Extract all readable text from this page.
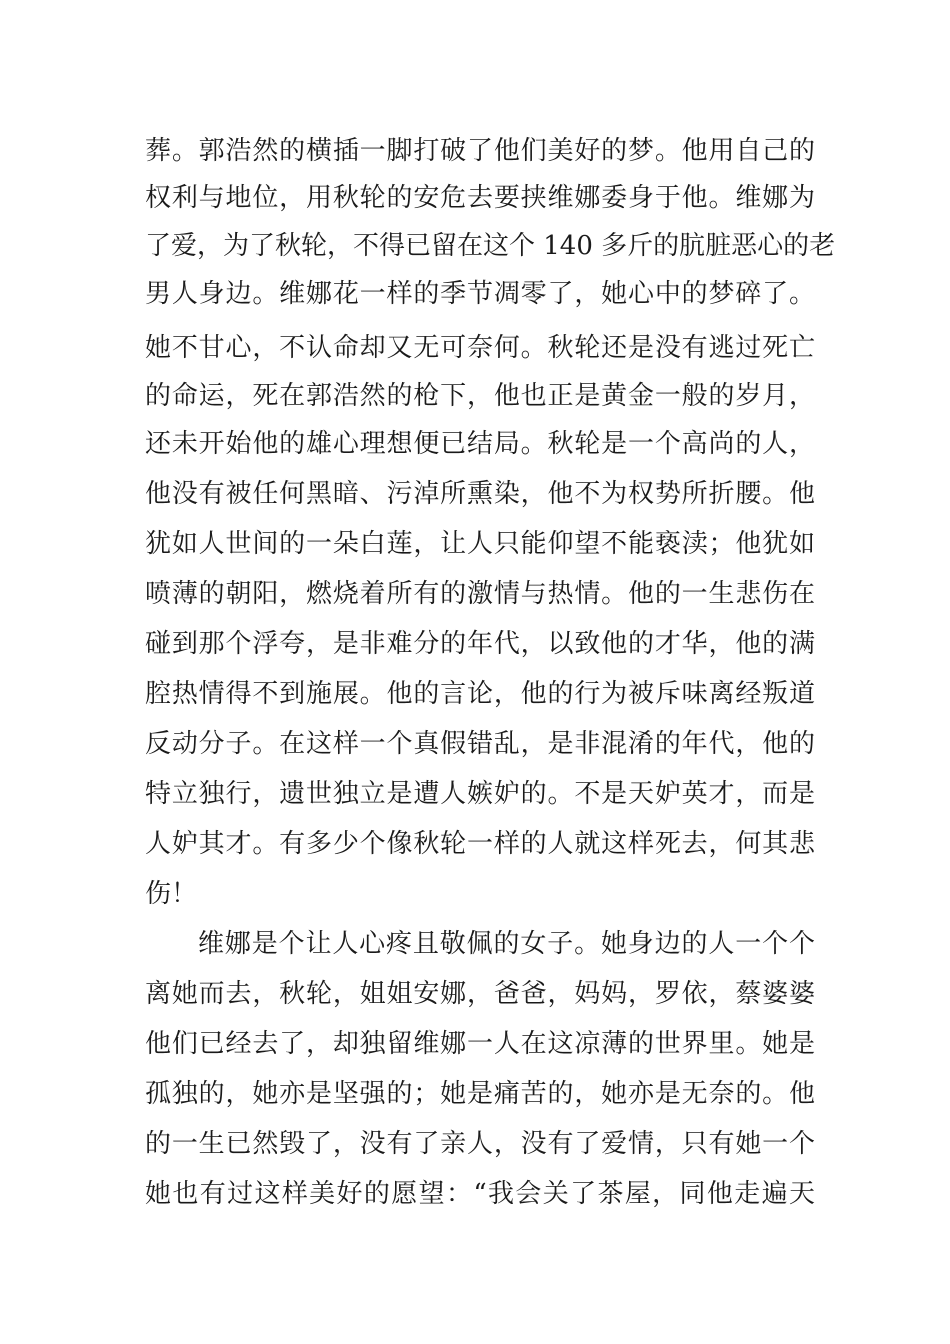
葬。郭浩然的横插一脚打破了他们美好的梦。他用自己的
权利与地位，用秋轮的安危去要挟维娜委身于他。维娜为
了爱，为了秋轮，不得已留在这个 140 多斤的肮脏恶心的老
男人身边。维娜花一样的季节凋零了，她心中的梦碎了。
她不甘心，不认命却又无可奈何。秋轮还是没有逃过死亡
的命运，死在郭浩然的枪下，他也正是黄金一般的岁月，
还未开始他的雄心理想便已结局。秋轮是一个高尚的人，
他没有被任何黑暗、污淖所熏染，他不为权势所折腰。他
犹如人世间的一朵白莲，让人只能仰望不能亵渎；他犹如
喷薄的朝阳，燃烧着所有的激情与热情。他的一生悲伤在
碰到那个浮夸，是非难分的年代，以致他的才华，他的满
腔热情得不到施展。他的言论，他的行为被斥味离经叛道
反动分子。在这样一个真假错乱，是非混淆的年代，他的
特立独行，遗世独立是遭人嫉妒的。不是天妒英才，而是
人妒其才。有多少个像秋轮一样的人就这样死去，何其悲
伤！
维娜是个让人心疼且敬佩的女子。她身边的人一个个
离她而去，秋轮，姐姐安娜，爸爸，妈妈，罗依，蔡婆婆
他们已经去了，却独留维娜一人在这凉薄的世界里。她是
孤独的，她亦是坚强的；她是痛苦的，她亦是无奈的。他
的一生已然毁了，没有了亲人，没有了爱情，只有她一个
她也有过这样美好的愿望：“我会关了茶屋，同他走遍天
